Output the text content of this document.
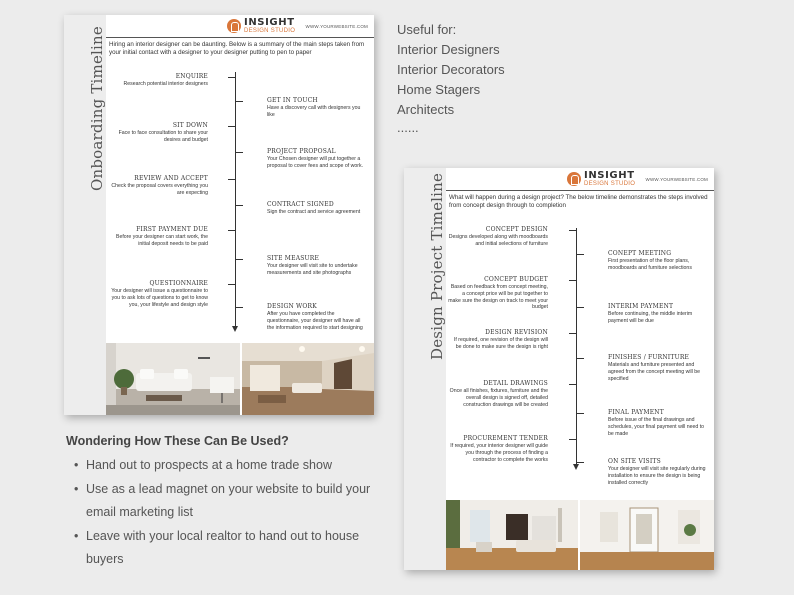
Onboarding Timeline
INSIGHT
DESIGN STUDIO
WWW.YOURWEBSITE.COM
Hiring an interior designer can be daunting. Below is a summary of the main steps taken from your initial contact with a designer to your designer putting to pen to paper
ENQUIRE
Research potential interior designers
GET IN TOUCH
Have a discovery call with designers you like
SIT DOWN
Face to face consultation to share your desires and budget
PROJECT PROPOSAL
Your Chosen designer will put together a proposal to cover fees and scope of work.
REVIEW AND ACCEPT
Check the proposal covers everything you are expecting
CONTRACT SIGNED
Sign the contract and service agreement
FIRST PAYMENT DUE
Before your designer can start work, the initial deposit needs to be paid
SITE MEASURE
Your designer will visit site to undertake measurements and site photographs
QUESTIONNAIRE
Your designer will issue a questionnaire to you to ask lots of questions to get to know you, your lifestyle and design style	DESIGN WORK
After you have completed the questionnaire, your designer will have all the information required to start designing	Design Project Timeline	INSIGHT
DESIGN STUDIO
WWW.YOURWEBSITE.COM
What will happen during a design project? The below timeline demonstrates the steps involved from concept design through to completion
CONCEPT DESIGN
Designs developed along with moodboards and initial selections of furniture
CONEPT MEETING
First presentation of the floor plans, moodboards and furniture selections
CONCEPT BUDGET
Based on feedback from concept meeting, a concept price will be put together to make sure the design on track to meet your budget	INTERIM PAYMENT
Before continuing, the middle interim payment will be due
DESIGN REVISION
If required, one revision of the design will be done to make sure the design is right
FINISHES / FURNITURE
Materials and furniture presented and agreed from the concept meeting will be specified
DETAIL DRAWINGS
Once all finishes, fixtures, furniture and the overall design is signed off, detailed construction drawings will be created
FINAL PAYMENT
Before issue of the final drawings and schedules, your final payment will need to be made
PROCUREMENT TENDER
If required, your interior designer will guide you through the process of finding a contractor to complete the works	ON SITE VISITS
Your designer will visit site regularly during installation to ensure the design is being installed correctly
Useful for:
Interior Designers
Interior Decorators
Home Stagers
Architects
......
Wondering How These Can Be Used?
• Hand out to prospects at a home trade show
• Use as a lead magnet on your website to build your email marketing list
• Leave with your local realtor to hand out to house buyers
